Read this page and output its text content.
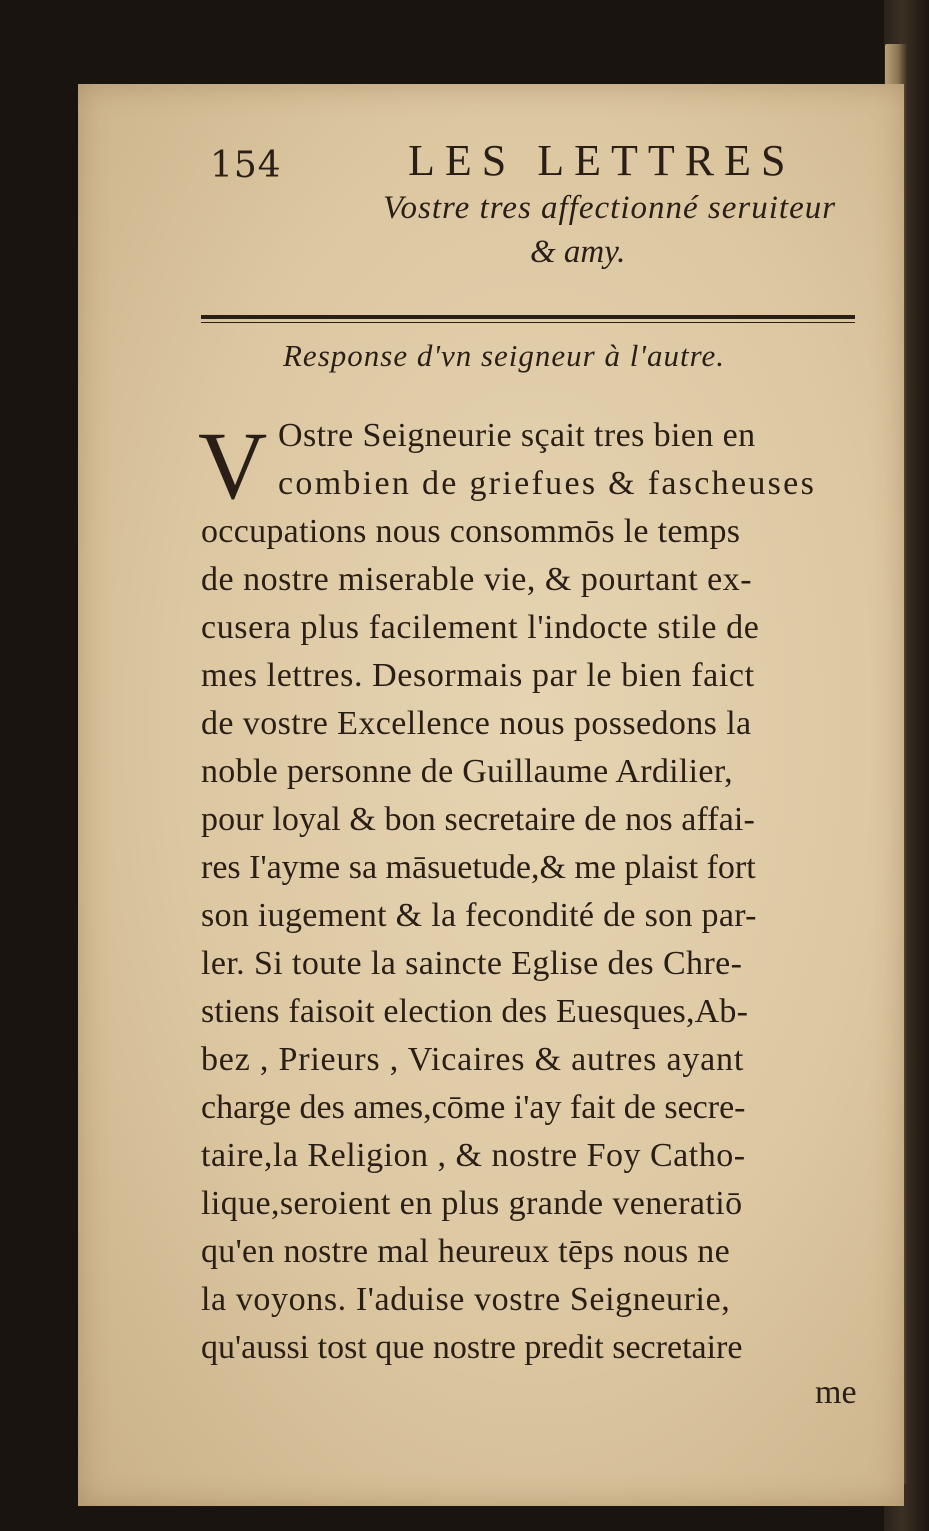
154	LES LETTRES
Vostre tres affectionné seruiteur
& amy.
Response d'vn seigneur à l'autre.
V Ostre Seigneurie sçait tres bien en
combien de griefues & fascheuses
occupations nous consommōs le temps
de nostre miserable vie, & pourtant ex-
cusera plus facilement l'indocte stile de
mes lettres. Desormais par le bien faict
de vostre Excellence nous possedons la
noble personne de Guillaume Ardilier,
pour loyal & bon secretaire de nos affai-
res I'ayme sa māsuetude,& me plaist fort
son iugement & la fecondité de son par-
ler. Si toute la saincte Eglise des Chre-
stiens faisoit election des Euesques,Ab-
bez , Prieurs , Vicaires & autres ayant
charge des ames,cōme i'ay fait de secre-
taire,la Religion , & nostre Foy Catho-
lique,seroient en plus grande veneratiō
qu'en nostre mal heureux tēps nous ne
la voyons. I'aduise vostre Seigneurie,
qu'aussi tost que nostre predit secretaire
me
